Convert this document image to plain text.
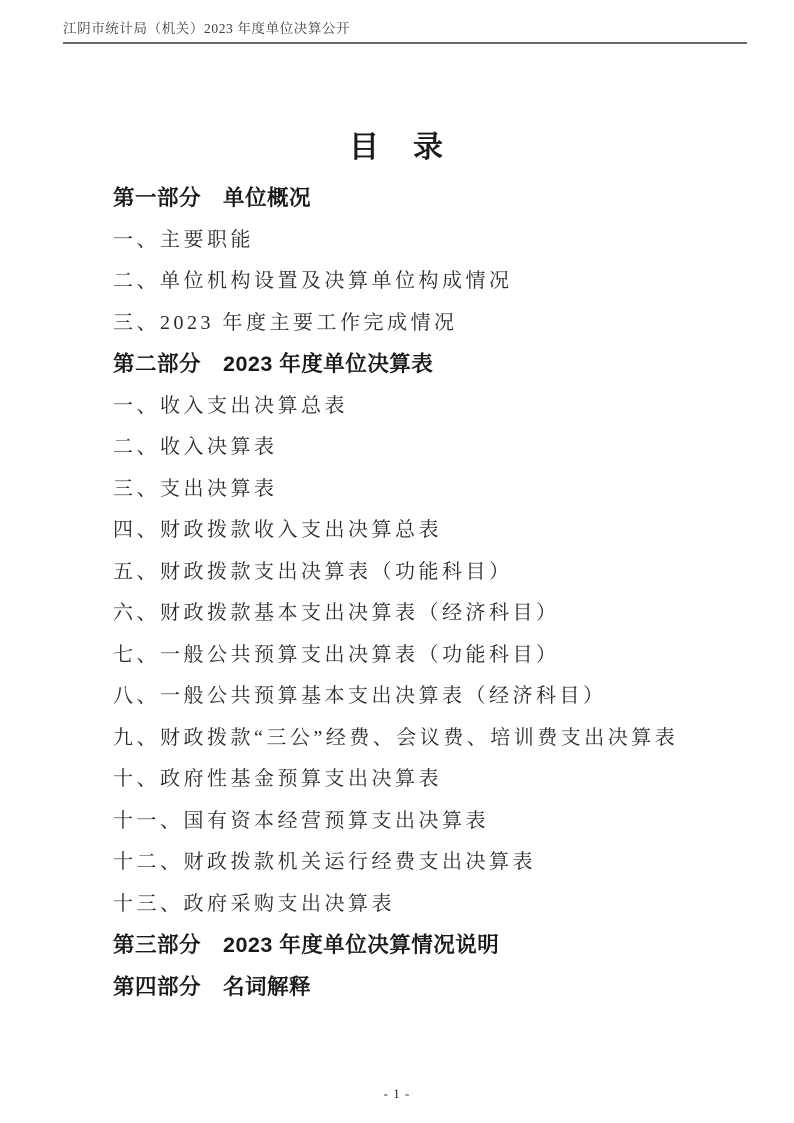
江阴市统计局（机关）2023 年度单位决算公开
目　录
第一部分　单位概况
一、主要职能
二、单位机构设置及决算单位构成情况
三、2023 年度主要工作完成情况
第二部分　2023 年度单位决算表
一、收入支出决算总表
二、收入决算表
三、支出决算表
四、财政拨款收入支出决算总表
五、财政拨款支出决算表（功能科目）
六、财政拨款基本支出决算表（经济科目）
七、一般公共预算支出决算表（功能科目）
八、一般公共预算基本支出决算表（经济科目）
九、财政拨款“三公”经费、会议费、培训费支出决算表
十、政府性基金预算支出决算表
十一、国有资本经营预算支出决算表
十二、财政拨款机关运行经费支出决算表
十三、政府采购支出决算表
第三部分　2023 年度单位决算情况说明
第四部分　名词解释
- 1 -
